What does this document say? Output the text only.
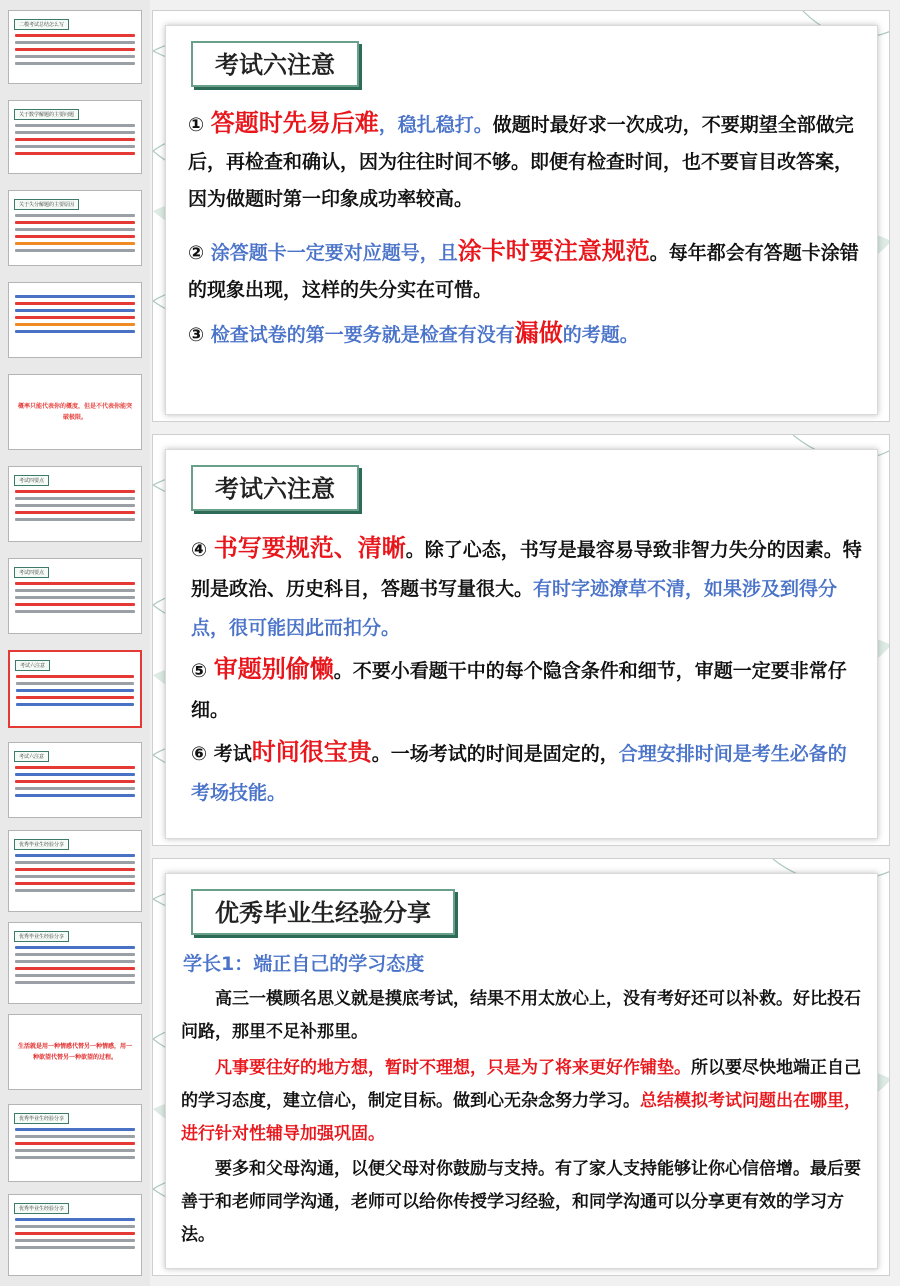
二模考试总结怎么写
关于数学解题的主要问题
关于失分解题的主要原因
概率只能代表你的概度，但是不代表你能突破极限。
考试四要点
考试四要点
考试六注意
考试六注意
优秀毕业生经验分享
优秀毕业生经验分享
生活就是用一种情感代替另一种情感，用一种欲望代替另一种欲望的过程。
优秀毕业生经验分享
优秀毕业生经验分享
考试六注意
① 答题时先易后难，稳扎稳打。做题时最好求一次成功，不要期望全部做完后，再检查和确认，因为往往时间不够。即便有检查时间，也不要盲目改答案，因为做题时第一印象成功率较高。
② 涂答题卡一定要对应题号，且涂卡时要注意规范。每年都会有答题卡涂错的现象出现，这样的失分实在可惜。
③ 检查试卷的第一要务就是检查有没有漏做的考题。
考试六注意
④ 书写要规范、清晰。除了心态，书写是最容易导致非智力失分的因素。特别是政治、历史科目，答题书写量很大。有时字迹潦草不清，如果涉及到得分点，很可能因此而扣分。
⑤ 审题别偷懒。不要小看题干中的每个隐含条件和细节，审题一定要非常仔细。
⑥ 考试时间很宝贵。一场考试的时间是固定的，合理安排时间是考生必备的考场技能。
优秀毕业生经验分享
学长1：端正自己的学习态度
高三一模顾名思义就是摸底考试，结果不用太放心上，没有考好还可以补救。好比投石问路，那里不足补那里。
凡事要往好的地方想，暂时不理想，只是为了将来更好作铺垫。所以要尽快地端正自己的学习态度，建立信心，制定目标。做到心无杂念努力学习。总结模拟考试问题出在哪里，进行针对性辅导加强巩固。
要多和父母沟通，以便父母对你鼓励与支持。有了家人支持能够让你心信倍增。最后要善于和老师同学沟通，老师可以给你传授学习经验，和同学沟通可以分享更有效的学习方法。
